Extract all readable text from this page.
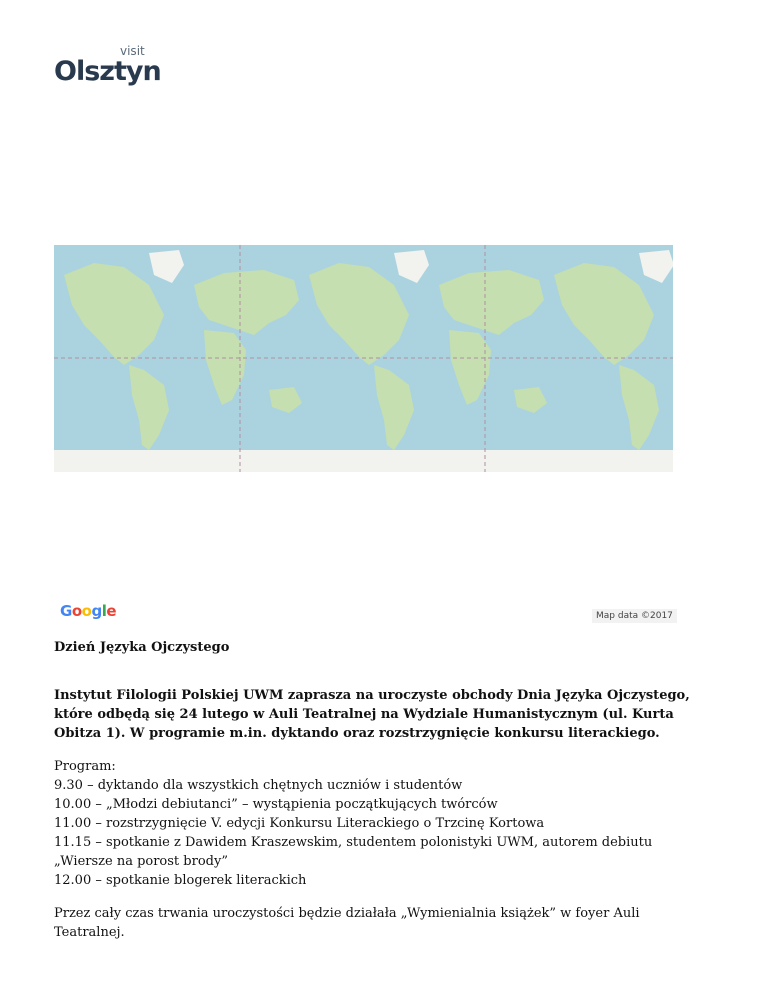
visit
Olsztyn
Google	Map data ©2017

Dzień Języka Ojczystego

Instytut Filologii Polskiej UWM zaprasza na uroczyste obchody Dnia Języka Ojczystego, które odbędą się 24 lutego w Auli Teatralnej na Wydziale Humanistycznym (ul. Kurta Obitza 1). W programie m.in. dyktando oraz rozstrzygnięcie konkursu literackiego.

Program:

9.30 – dyktando dla wszystkich chętnych uczniów i studentów

10.00 – „Młodzi debiutanci” – wystąpienia początkujących twórców

11.00 – rozstrzygnięcie V. edycji Konkursu Literackiego o Trzcinę Kortowa

11.15 – spotkanie z Dawidem Kraszewskim, studentem polonistyki UWM, autorem debiutu „Wiersze na porost brody”

12.00 – spotkanie blogerek literackich

Przez cały czas trwania uroczystości będzie działała „Wymienialnia książek” w foyer Auli Teatralnej.
